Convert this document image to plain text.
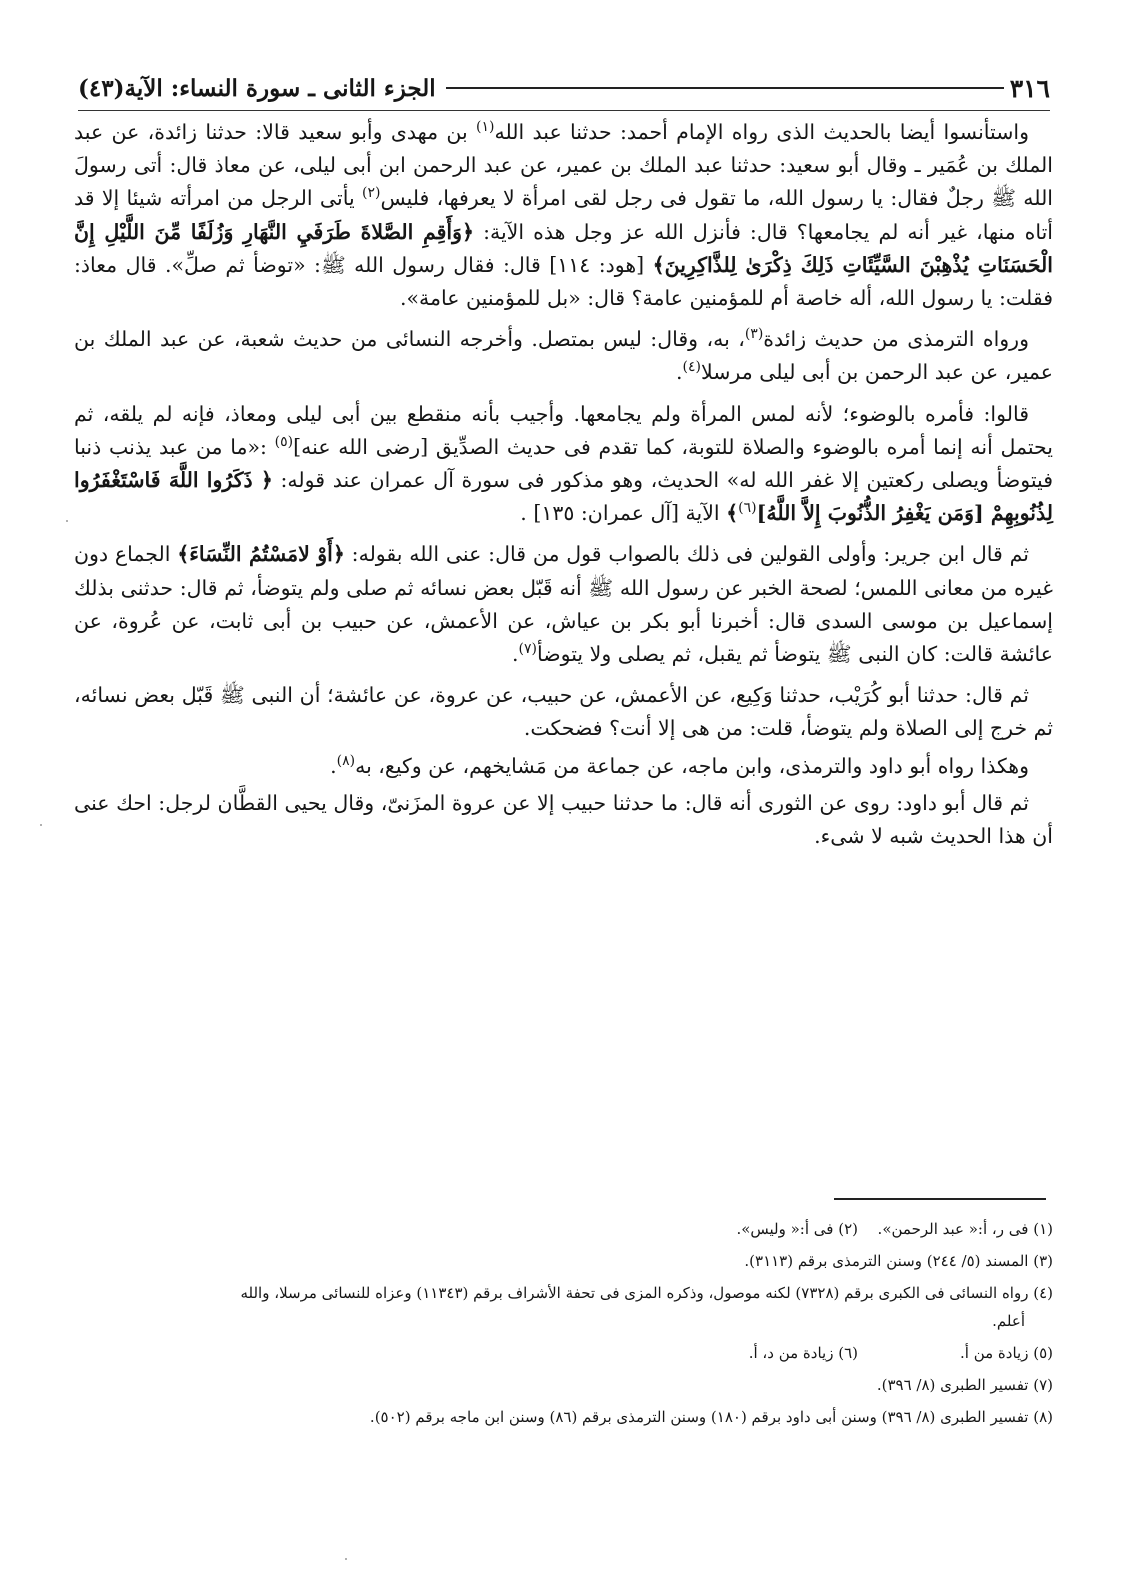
٣١٦
الجزء الثانى ـ سورة النساء: الآية(٤٣)

واستأنسوا أيضا بالحديث الذى رواه الإمام أحمد: حدثنا عبد الله$^{(١)}$ بن مهدى وأبو سعيد قالا: حدثنا زائدة، عن عبد الملك بن عُمَير ـ وقال أبو سعيد: حدثنا عبد الملك بن عمير، عن عبد الرحمن ابن أبى ليلى، عن معاذ قال: أتى رسولَ الله ﷺ رجلٌ فقال: يا رسول الله، ما تقول فى رجل لقى امرأة لا يعرفها، فليس$^{(٢)}$ يأتى الرجل من امرأته شيئا إلا قد أتاه منها، غير أنه لم يجامعها؟ قال: فأنزل الله عز وجل هذه الآية: ﴿وَأَقِمِ الصَّلاةَ طَرَفَيِ النَّهَارِ وَزُلَفًا مِّنَ اللَّيْلِ إِنَّ الْحَسَنَاتِ يُذْهِبْنَ السَّيِّئَاتِ ذَلِكَ ذِكْرَىٰ لِلذَّاكِرِينَ﴾ [هود: ١١٤] قال: فقال رسول الله ﷺ: «توضأ ثم صلِّ». قال معاذ: فقلت: يا رسول الله، أله خاصة أم للمؤمنين عامة؟ قال: «بل للمؤمنين عامة».

ورواه الترمذى من حديث زائدة$^{(٣)}$، به، وقال: ليس بمتصل. وأخرجه النسائى من حديث شعبة، عن عبد الملك بن عمير، عن عبد الرحمن بن أبى ليلى مرسلا$^{(٤)}$.

قالوا: فأمره بالوضوء؛ لأنه لمس المرأة ولم يجامعها. وأجيب بأنه منقطع بين أبى ليلى ومعاذ، فإنه لم يلقه، ثم يحتمل أنه إنما أمره بالوضوء والصلاة للتوبة، كما تقدم فى حديث الصدِّيق [رضى الله عنه]$^{(٥)}$ :«ما من عبد يذنب ذنبا فيتوضأ ويصلى ركعتين إلا غفر الله له» الحديث، وهو مذكور فى سورة آل عمران عند قوله: ﴿ ذَكَرُوا اللَّهَ فَاسْتَغْفَرُوا لِذُنُوبِهِمْ [وَمَن يَغْفِرُ الذُّنُوبَ إِلاَّ اللَّهُ]$^{(٦)}$﴾ الآية [آل عمران: ١٣٥] .

ثم قال ابن جرير: وأولى القولين فى ذلك بالصواب قول من قال: عنى الله بقوله: ﴿أَوْ لامَسْتُمُ النِّسَاءَ﴾ الجماع دون غيره من معانى اللمس؛ لصحة الخبر عن رسول الله ﷺ أنه قَبّل بعض نسائه ثم صلى ولم يتوضأ، ثم قال: حدثنى بذلك إسماعيل بن موسى السدى قال: أخبرنا أبو بكر بن عياش، عن الأعمش، عن حبيب بن أبى ثابت، عن عُروة، عن عائشة قالت: كان النبى ﷺ يتوضأ ثم يقبل، ثم يصلى ولا يتوضأ$^{(٧)}$.

ثم قال: حدثنا أبو كُرَيْب، حدثنا وَكِيع، عن الأعمش، عن حبيب، عن عروة، عن عائشة؛ أن النبى ﷺ قَبّل بعض نسائه، ثم خرج إلى الصلاة ولم يتوضأ، قلت: من هى إلا أنت؟ فضحكت.

وهكذا رواه أبو داود والترمذى، وابن ماجه، عن جماعة من مَشايخهم، عن وكيع، به$^{(٨)}$.

ثم قال أبو داود: روى عن الثورى أنه قال: ما حدثنا حبيب إلا عن عروة المزَنىّ، وقال يحيى القطَّان لرجل: احك عنى أن هذا الحديث شبه لا شىء.

(١) فى ر، أ:« عبد الرحمن».
(٢) فى أ:« وليس».
(٣) المسند (٥/ ٢٤٤) وسنن الترمذى برقم (٣١١٣).
(٤) رواه النسائى فى الكبرى برقم (٧٣٢٨) لكنه موصول، وذكره المزى فى تحفة الأشراف برقم (١١٣٤٣) وعزاه للنسائى مرسلا، والله
أعلم.
(٥) زيادة من أ.
(٦) زيادة من د، أ.
(٧) تفسير الطبرى (٨/ ٣٩٦).
(٨) تفسير الطبرى (٨/ ٣٩٦) وسنن أبى داود برقم (١٨٠) وسنن الترمذى برقم (٨٦) وسنن ابن ماجه برقم (٥٠٢).
